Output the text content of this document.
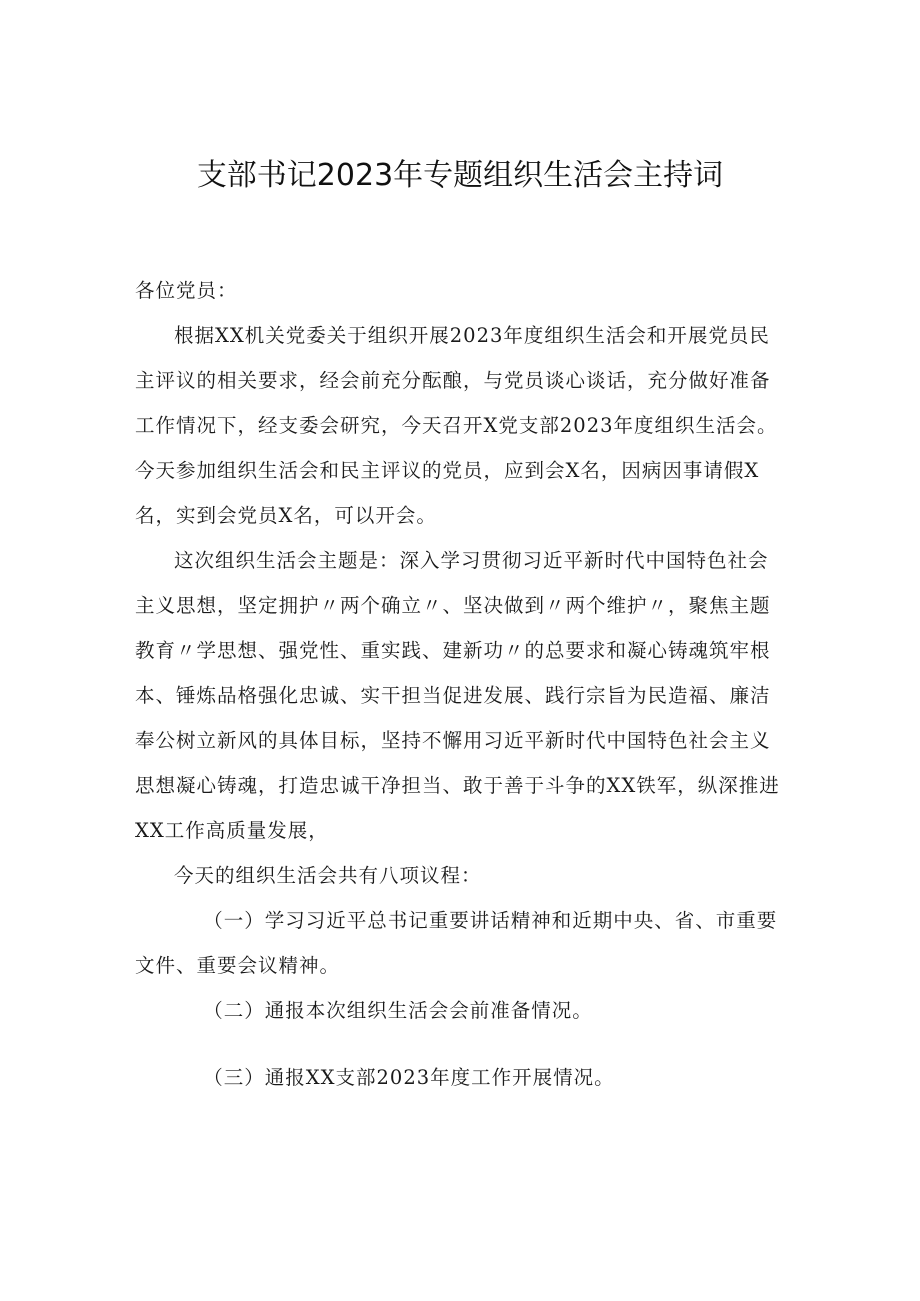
支部书记2023年专题组织生活会主持词

各位党员：

根据XX机关党委关于组织开展2023年度组织生活会和开展党员民主评议的相关要求，经会前充分酝酿，与党员谈心谈话，充分做好准备工作情况下，经支委会研究，今天召开X党支部2023年度组织生活会。今天参加组织生活会和民主评议的党员，应到会X名，因病因事请假X名，实到会党员X名，可以开会。

这次组织生活会主题是：深入学习贯彻习近平新时代中国特色社会主义思想，坚定拥护〃两个确立〃、坚决做到〃两个维护〃，聚焦主题教育〃学思想、强党性、重实践、建新功〃的总要求和凝心铸魂筑牢根本、锤炼品格强化忠诚、实干担当促进发展、践行宗旨为民造福、廉洁奉公树立新风的具体目标，坚持不懈用习近平新时代中国特色社会主义思想凝心铸魂，打造忠诚干净担当、敢于善于斗争的XX铁军，纵深推进XX工作高质量发展，

今天的组织生活会共有八项议程：

（一）学习习近平总书记重要讲话精神和近期中央、省、市重要文件、重要会议精神。

（二）通报本次组织生活会会前准备情况。

（三）通报XX支部2023年度工作开展情况。
